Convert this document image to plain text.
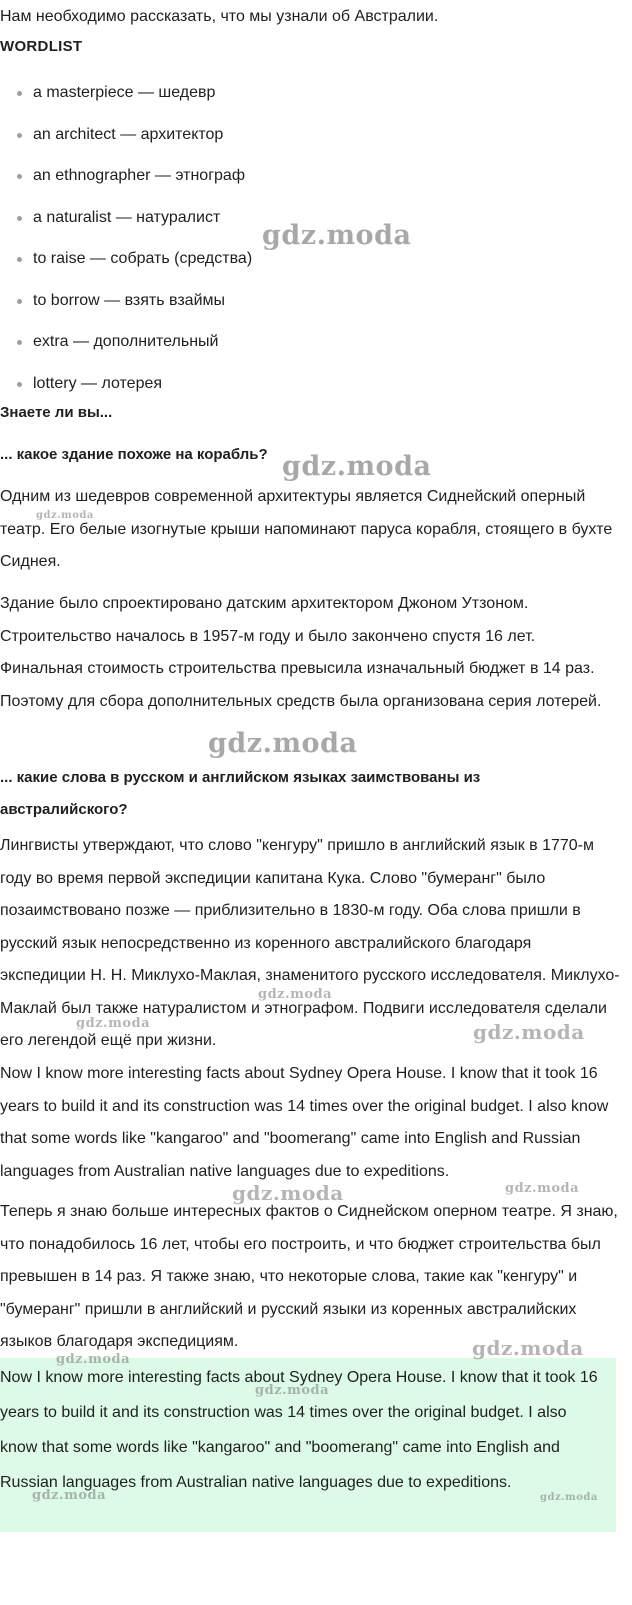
Нам необходимо рассказать, что мы узнали об Австралии.
WORDLIST
a masterpiece — шедевр
an architect — архитектор
an ethnographer — этнограф
a naturalist — натуралист
to raise — собрать (средства)
to borrow — взять взаймы
extra — дополнительный
lottery — лотерея
Знаете ли вы...
... какое здание похоже на корабль?
Одним из шедевров современной архитектуры является Сиднейский оперный театр. Его белые изогнутые крыши напоминают паруса корабля, стоящего в бухте Сиднея.
Здание было спроектировано датским архитектором Джоном Утзоном. Строительство началось в 1957-м году и было закончено спустя 16 лет. Финальная стоимость строительства превысила изначальный бюджет в 14 раз. Поэтому для сбора дополнительных средств была организована серия лотерей.
... какие слова в русском и английском языках заимствованы из австралийского?
Лингвисты утверждают, что слово "кенгуру" пришло в английский язык в 1770-м году во время первой экспедиции капитана Кука. Слово "бумеранг" было позаимствовано позже — приблизительно в 1830-м году. Оба слова пришли в русский язык непосредственно из коренного австралийского благодаря экспедиции Н. Н. Миклухо-Маклая, знаменитого русского исследователя. Миклухо-Маклай был также натуралистом и этнографом. Подвиги исследователя сделали его легендой ещё при жизни.
Now I know more interesting facts about Sydney Opera House. I know that it took 16 years to build it and its construction was 14 times over the original budget. I also know that some words like "kangaroo" and "boomerang" came into English and Russian languages from Australian native languages due to expeditions.
Теперь я знаю больше интересных фактов о Сиднейском оперном театре. Я знаю, что понадобилось 16 лет, чтобы его построить, и что бюджет строительства был превышен в 14 раз. Я также знаю, что некоторые слова, такие как "кенгуру" и "бумеранг" пришли в английский и русский языки из коренных австралийских языков благодаря экспедициям.
Now I know more interesting facts about Sydney Opera House. I know that it took 16 years to build it and its construction was 14 times over the original budget. I also know that some words like "kangaroo" and "boomerang" came into English and Russian languages from Australian native languages due to expeditions.
gdz.moda
gdz.moda
gdz.moda
gdz.moda
gdz.moda
gdz.moda	gdz.moda
gdz.moda	gdz.moda
gdz.moda
gdz.moda
gdz.moda
gdz.moda	gdz.moda
